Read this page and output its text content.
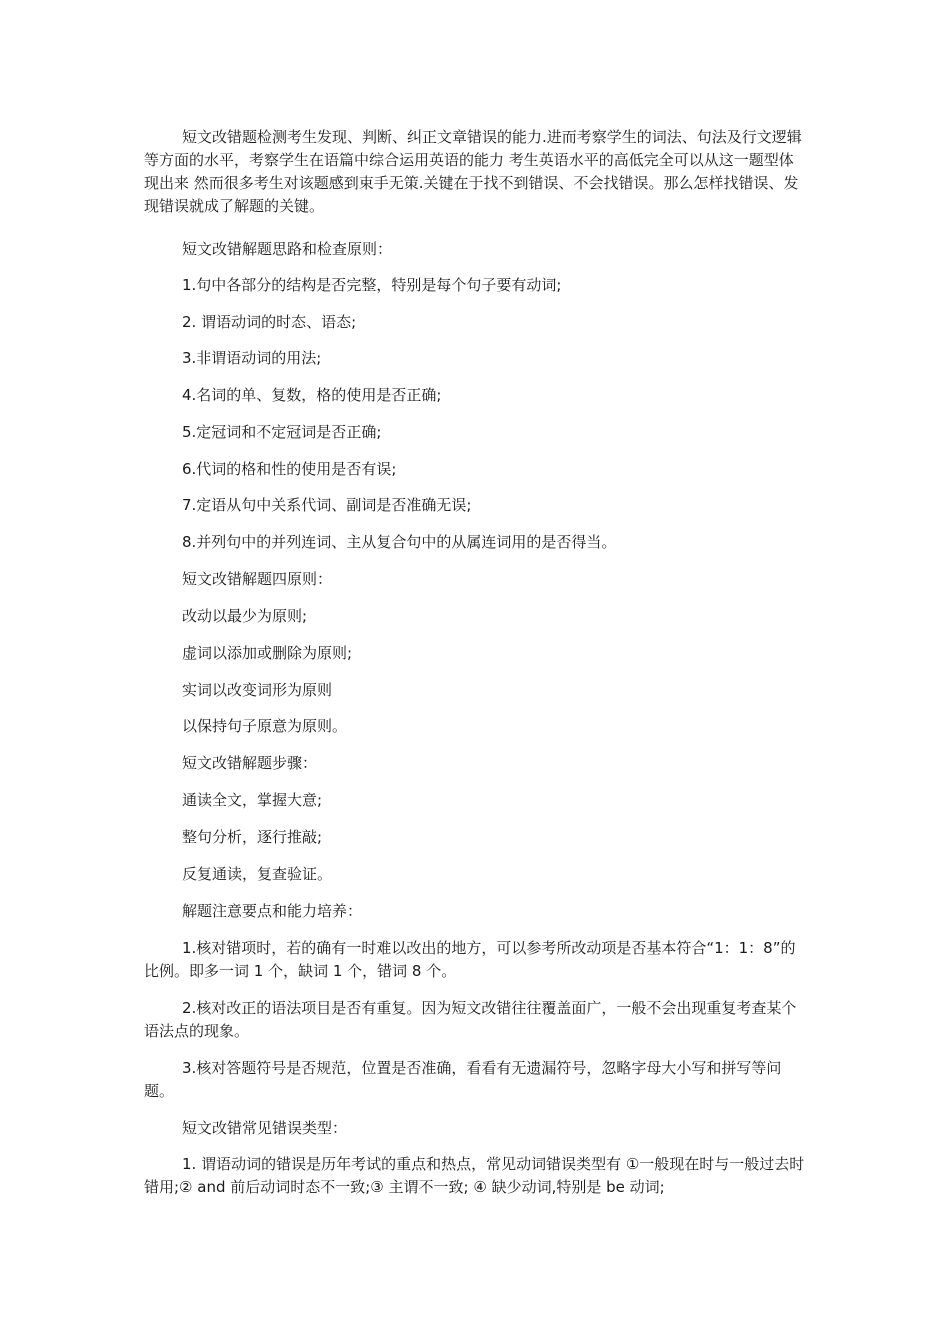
短文改错题检测考生发现、判断、纠正文章错误的能力.进而考察学生的词法、句法及行文逻辑等方面的水平，考察学生在语篇中综合运用英语的能力 考生英语水平的高低完全可以从这一题型体现出来 然而很多考生对该题感到束手无策.关键在于找不到错误、不会找错误。那么怎样找错误、发现错误就成了解题的关键。

短文改错解题思路和检查原则：

1.句中各部分的结构是否完整，特别是每个句子要有动词;

2. 谓语动词的时态、语态;

3.非谓语动词的用法;

4.名词的单、复数，格的使用是否正确;

5.定冠词和不定冠词是否正确;

6.代词的格和性的使用是否有误;

7.定语从句中关系代词、副词是否准确无误;

8.并列句中的并列连词、主从复合句中的从属连词用的是否得当。

短文改错解题四原则：

改动以最少为原则;

虚词以添加或删除为原则;

实词以改变词形为原则

以保持句子原意为原则。

短文改错解题步骤：

通读全文，掌握大意;

整句分析，逐行推敲;

反复通读，复查验证。

解题注意要点和能力培养：

1.核对错项时，若的确有一时难以改出的地方，可以参考所改动项是否基本符合“1：1：8”的比例。即多一词 1 个，缺词 1 个，错词 8 个。

2.核对改正的语法项目是否有重复。因为短文改错往往覆盖面广，一般不会出现重复考查某个语法点的现象。

3.核对答题符号是否规范，位置是否准确，看看有无遗漏符号，忽略字母大小写和拼写等问题。

短文改错常见错误类型：

1. 谓语动词的错误是历年考试的重点和热点，常见动词错误类型有 ①一般现在时与一般过去时错用;② and 前后动词时态不一致;③ 主谓不一致; ④ 缺少动词,特别是 be 动词;
